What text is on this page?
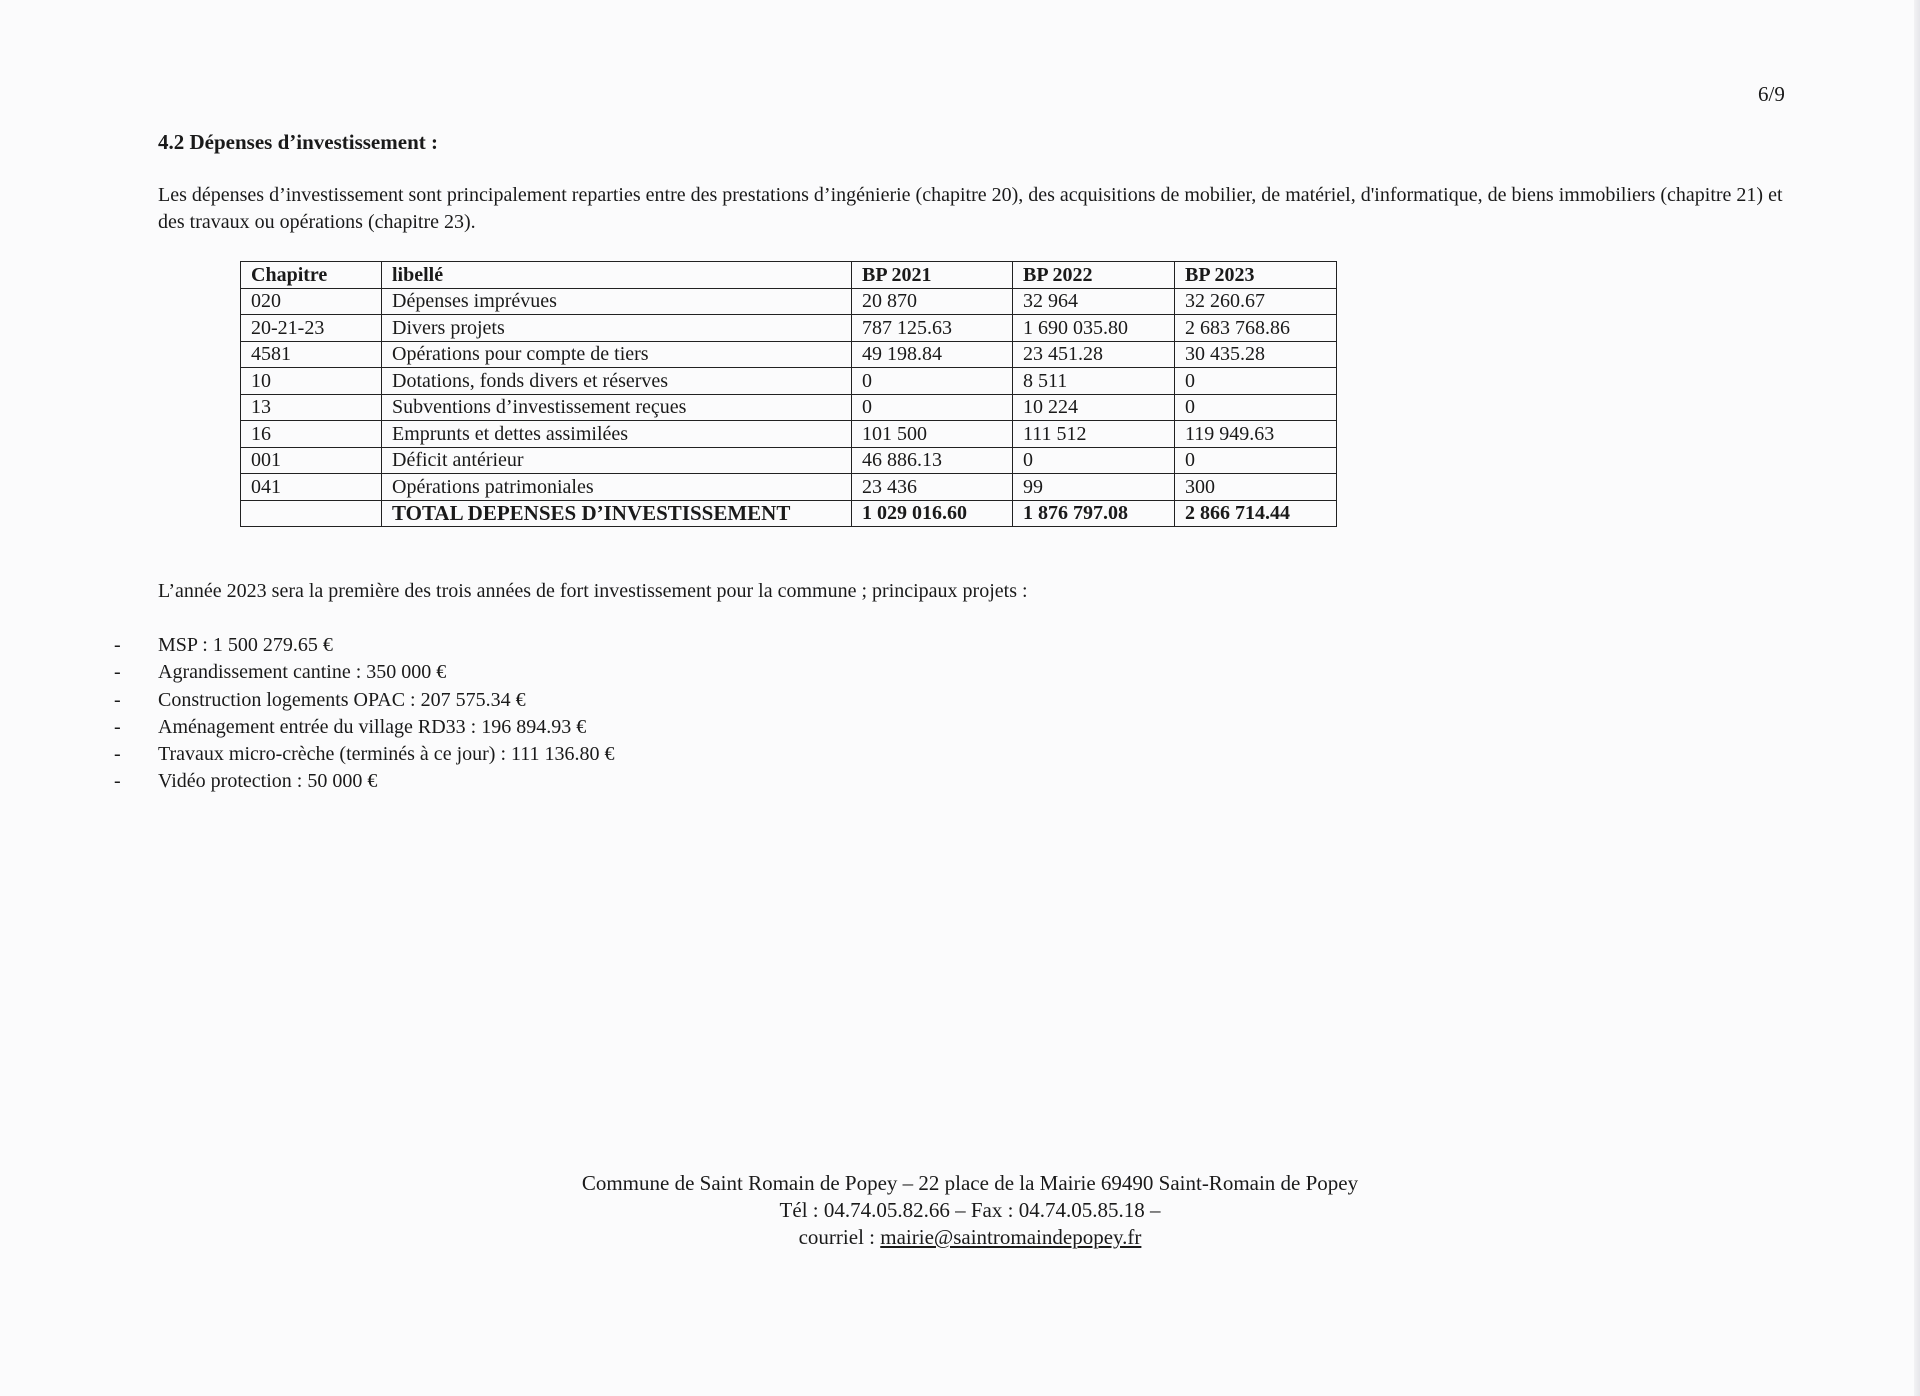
6/9
4.2 Dépenses d’investissement :

Les dépenses d’investissement sont principalement reparties entre des prestations d’ingénierie (chapitre 20), des acquisitions de mobilier, de matériel, d'informatique, de biens immobiliers (chapitre 21) et des travaux ou opérations (chapitre 23).

Chapitre	libellé	BP 2021	BP 2022	BP 2023
020	Dépenses imprévues	20 870	32 964	32 260.67
20-21-23	Divers projets	787 125.63	1 690 035.80	2 683 768.86
4581	Opérations pour compte de tiers	49 198.84	23 451.28	30 435.28
10	Dotations, fonds divers et réserves	0	8 511	0
13	Subventions d’investissement reçues	0	10 224	0
16	Emprunts et dettes assimilées	101 500	111 512	119 949.63
001	Déficit antérieur	46 886.13	0	0
041	Opérations patrimoniales	23 436	99	300
	TOTAL DEPENSES D’INVESTISSEMENT	1 029 016.60	1 876 797.08	2 866 714.44

L’année 2023 sera la première des trois années de fort investissement pour la commune ; principaux projets :

- MSP : 1 500 279.65 €
- Agrandissement cantine : 350 000 €
- Construction logements OPAC : 207 575.34 €
- Aménagement entrée du village RD33 : 196 894.93 €
- Travaux micro-crèche (terminés à ce jour) : 111 136.80 €
- Vidéo protection : 50 000 €
Commune de Saint Romain de Popey – 22 place de la Mairie 69490 Saint-Romain de Popey
Tél : 04.74.05.82.66 – Fax : 04.74.05.85.18 –
courriel : mairie@saintromaindepopey.fr
